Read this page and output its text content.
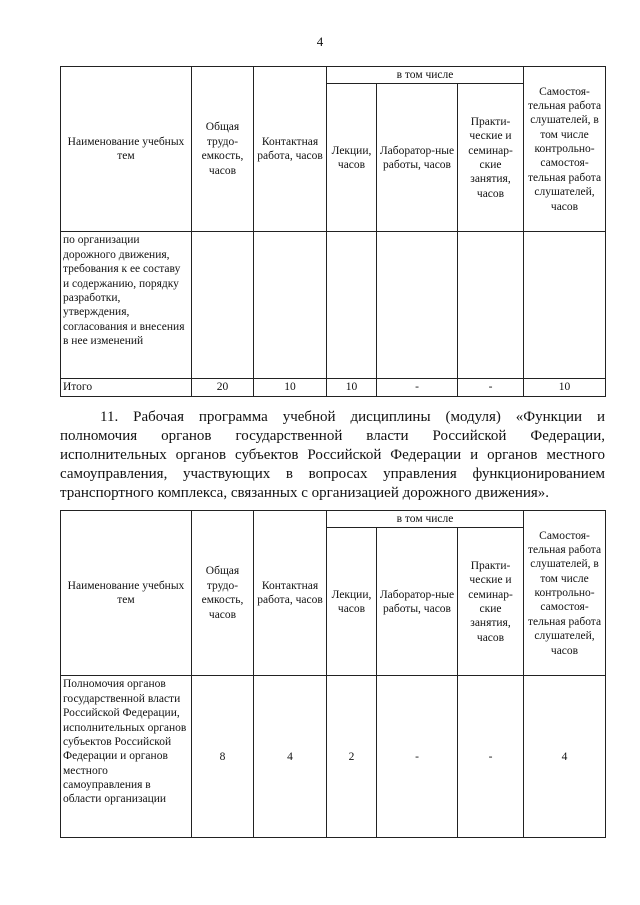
4
Наименование учебных тем	Общая трудо-емкость, часов	Контактная работа, часов	в том числе			Самостоя-тельная работа слушателей, в том числе контрольно-самостоя-тельная работа слушателей, часов
			Лекции, часов	Лаборатор-ные работы, часов	Практи-ческие и семинар-ские занятия, часов	
по организации дорожного движения, требования к ее составу и содержанию, порядку разработки, утверждения, согласования и внесения в нее изменений						
Итого	20	10	10	-	-	10
11. Рабочая программа учебной дисциплины (модуля) «Функции и полномочия органов государственной власти Российской Федерации, исполнительных органов субъектов Российской Федерации и органов местного самоуправления, участвующих в вопросах управления функционированием транспортного комплекса, связанных с организацией дорожного движения».
Наименование учебных тем	Общая трудо-емкость, часов	Контактная работа, часов	в том числе			Самостоя-тельная работа слушателей, в том числе контрольно-самостоя-тельная работа слушателей, часов
			Лекции, часов	Лаборатор-ные работы, часов	Практи-ческие и семинар-ские занятия, часов	
Полномочия органов государственной власти Российской Федерации, исполнительных органов субъектов Российской Федерации и органов местного самоуправления в области организации	8	4	2	-	-	4
